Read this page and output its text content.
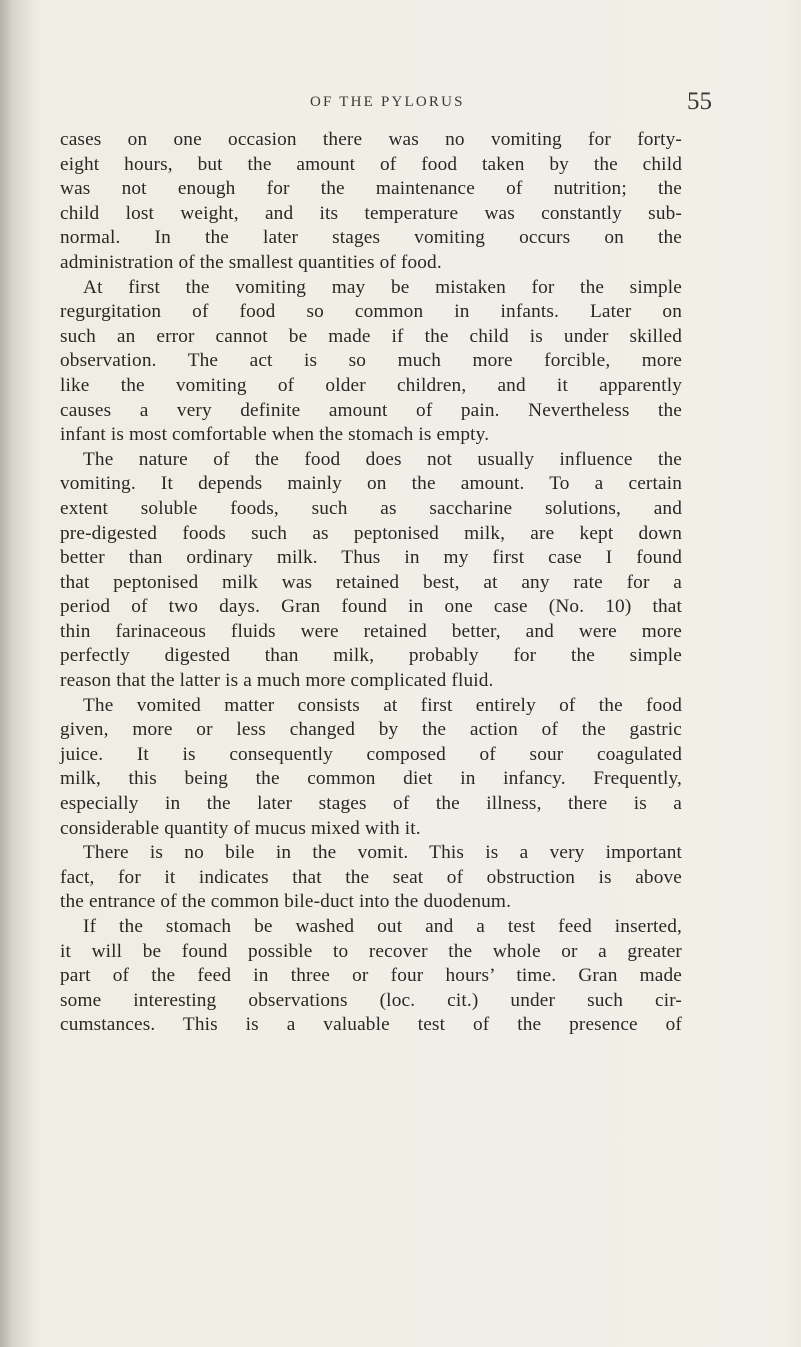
OF THE PYLORUS	55
cases on one occasion there was no vomiting for forty-
eight hours, but the amount of food taken by the child
was not enough for the maintenance of nutrition; the
child lost weight, and its temperature was constantly sub-
normal. In the later stages vomiting occurs on the
administration of the smallest quantities of food.
At first the vomiting may be mistaken for the simple
regurgitation of food so common in infants. Later on
such an error cannot be made if the child is under skilled
observation. The act is so much more forcible, more
like the vomiting of older children, and it apparently
causes a very definite amount of pain. Nevertheless the
infant is most comfortable when the stomach is empty.
The nature of the food does not usually influence the
vomiting. It depends mainly on the amount. To a certain
extent soluble foods, such as saccharine solutions, and
pre-digested foods such as peptonised milk, are kept down
better than ordinary milk. Thus in my first case I found
that peptonised milk was retained best, at any rate for a
period of two days. Gran found in one case (No. 10) that
thin farinaceous fluids were retained better, and were more
perfectly digested than milk, probably for the simple
reason that the latter is a much more complicated fluid.
The vomited matter consists at first entirely of the food
given, more or less changed by the action of the gastric
juice. It is consequently composed of sour coagulated
milk, this being the common diet in infancy. Frequently,
especially in the later stages of the illness, there is a
considerable quantity of mucus mixed with it.
There is no bile in the vomit. This is a very important
fact, for it indicates that the seat of obstruction is above
the entrance of the common bile-duct into the duodenum.
If the stomach be washed out and a test feed inserted,
it will be found possible to recover the whole or a greater
part of the feed in three or four hours’ time. Gran made
some interesting observations (loc. cit.) under such cir-
cumstances. This is a valuable test of the presence of
